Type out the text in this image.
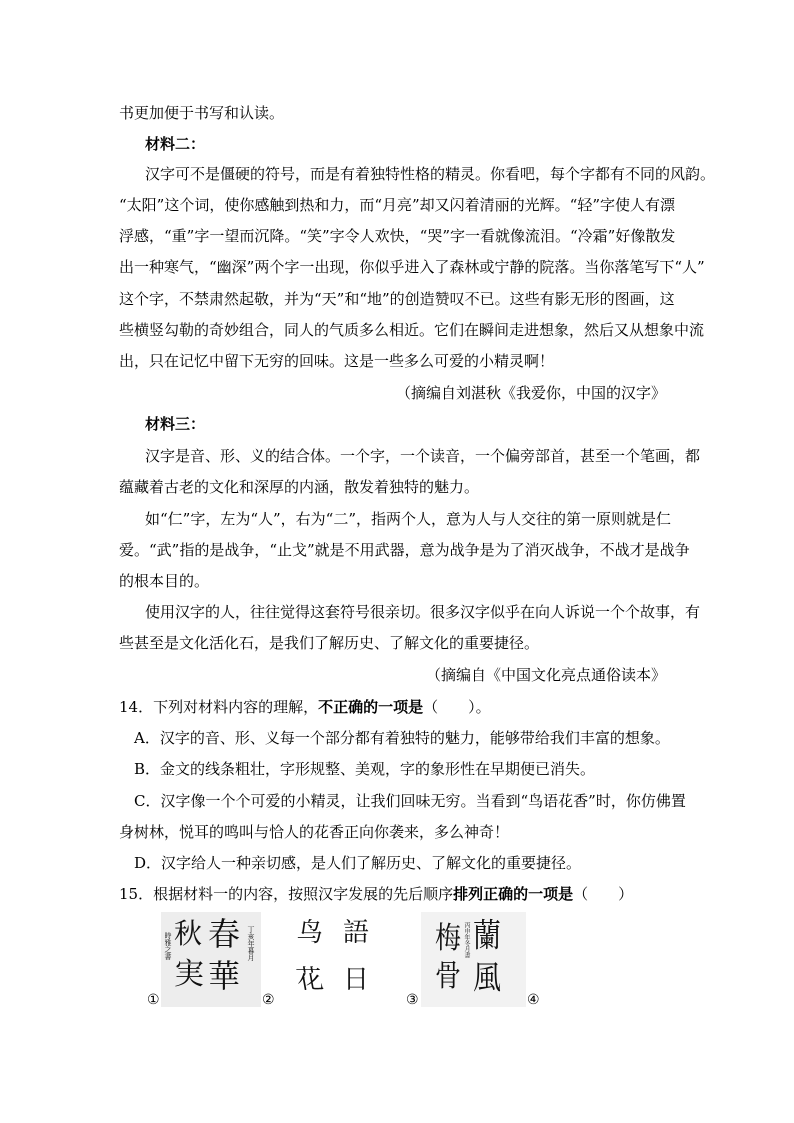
书更加便于书写和认读。
材料二：
汉字可不是僵硬的符号，而是有着独特性格的精灵。你看吧，每个字都有不同的风韵。
“太阳”这个词，使你感触到热和力，而“月亮”却又闪着清丽的光辉。“轻”字使人有漂
浮感，“重”字一望而沉降。“笑”字令人欢快，“哭”字一看就像流泪。“冷霜”好像散发
出一种寒气，“幽深”两个字一出现，你似乎进入了森林或宁静的院落。当你落笔写下“人”
这个字，不禁肃然起敬，并为“天”和“地”的创造赞叹不已。这些有影无形的图画，这
些横竖勾勒的奇妙组合，同人的气质多么相近。它们在瞬间走进想象，然后又从想象中流
出，只在记忆中留下无穷的回味。这是一些多么可爱的小精灵啊！
（摘编自刘湛秋《我爱你，中国的汉字》
材料三：
汉字是音、形、义的结合体。一个字，一个读音，一个偏旁部首，甚至一个笔画，都
蕴藏着古老的文化和深厚的内涵，散发着独特的魅力。
如“仁”字，左为“人”，右为“二”，指两个人，意为人与人交往的第一原则就是仁
爱。“武”指的是战争，“止戈”就是不用武器，意为战争是为了消灭战争，不战才是战争
的根本目的。
使用汉字的人，往往觉得这套符号很亲切。很多汉字似乎在向人诉说一个个故事，有
些甚至是文化活化石，是我们了解历史、了解文化的重要捷径。
（摘编自《中国文化亮点通俗读本》
14．下列对材料内容的理解，不正确的一项是（　　）。
A．汉字的音、形、义每一个部分都有着独特的魅力，能够带给我们丰富的想象。
B．金文的线条粗壮，字形规整、美观，字的象形性在早期便已消失。
C．汉字像一个个可爱的小精灵，让我们回味无穷。当看到“鸟语花香”时，你仿佛置
身树林，悦耳的鸣叫与恰人的花香正向你袭来，多么神奇！
D．汉字给人一种亲切感，是人们了解历史、了解文化的重要捷径。
15．根据材料一的内容，按照汉字发展的先后顺序排列正确的一项是（　　）
春
華
秋
実
丁亥年暮月
時雅之書
①
鸟 語
花 日
②
蘭
風
梅
骨
丙申年冬月書
③	④
